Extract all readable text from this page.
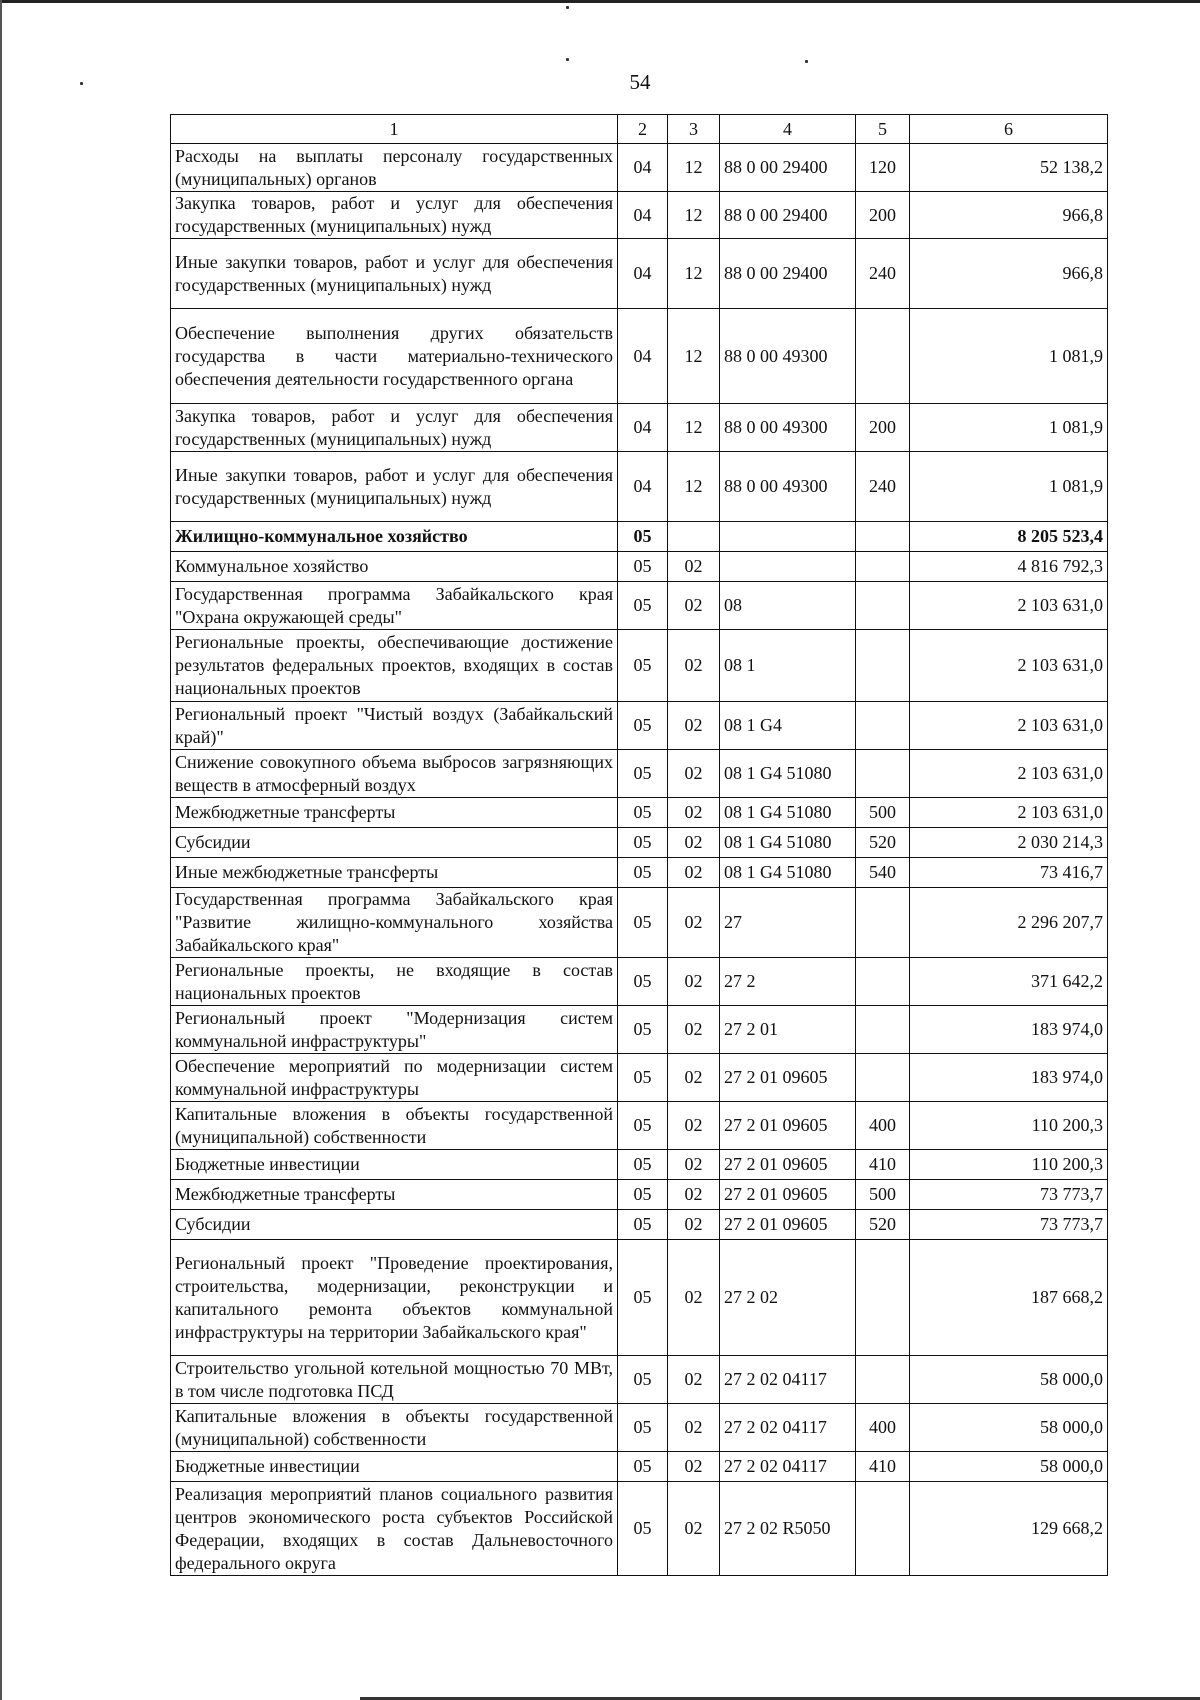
54
1	2	3	4	5	6
Расходы на выплаты персоналу государственных (муниципальных) органов	04	12	88 0 00 29400	120	52 138,2
Закупка товаров, работ и услуг для обеспечения государственных (муниципальных) нужд	04	12	88 0 00 29400	200	966,8
Иные закупки товаров, работ и услуг для обеспечения государственных (муниципальных) нужд	04	12	88 0 00 29400	240	966,8
Обеспечение выполнения других обязательств государства в части материально-технического обеспечения деятельности государственного органа	04	12	88 0 00 49300		1 081,9
Закупка товаров, работ и услуг для обеспечения государственных (муниципальных) нужд	04	12	88 0 00 49300	200	1 081,9
Иные закупки товаров, работ и услуг для обеспечения государственных (муниципальных) нужд	04	12	88 0 00 49300	240	1 081,9
Жилищно-коммунальное хозяйство	05				8 205 523,4
Коммунальное хозяйство	05	02			4 816 792,3
Государственная программа Забайкальского края "Охрана окружающей среды"	05	02	08		2 103 631,0
Региональные проекты, обеспечивающие достижение результатов федеральных проектов, входящих в состав национальных проектов	05	02	08 1		2 103 631,0
Региональный проект "Чистый воздух (Забайкальский край)"	05	02	08 1 G4		2 103 631,0
Снижение совокупного объема выбросов загрязняющих веществ в атмосферный воздух	05	02	08 1 G4 51080		2 103 631,0
Межбюджетные трансферты	05	02	08 1 G4 51080	500	2 103 631,0
Субсидии	05	02	08 1 G4 51080	520	2 030 214,3
Иные межбюджетные трансферты	05	02	08 1 G4 51080	540	73 416,7
Государственная программа Забайкальского края "Развитие жилищно-коммунального хозяйства Забайкальского края"	05	02	27		2 296 207,7
Региональные проекты, не входящие в состав национальных проектов	05	02	27 2		371 642,2
Региональный проект "Модернизация систем коммунальной инфраструктуры"	05	02	27 2 01		183 974,0
Обеспечение мероприятий по модернизации систем коммунальной инфраструктуры	05	02	27 2 01 09605		183 974,0
Капитальные вложения в объекты государственной (муниципальной) собственности	05	02	27 2 01 09605	400	110 200,3
Бюджетные инвестиции	05	02	27 2 01 09605	410	110 200,3
Межбюджетные трансферты	05	02	27 2 01 09605	500	73 773,7
Субсидии	05	02	27 2 01 09605	520	73 773,7
Региональный проект "Проведение проектирования, строительства, модернизации, реконструкции и капитального ремонта объектов коммунальной инфраструктуры на территории Забайкальского края"	05	02	27 2 02		187 668,2
Строительство угольной котельной мощностью 70 МВт, в том числе подготовка ПСД	05	02	27 2 02 04117		58 000,0
Капитальные вложения в объекты государственной (муниципальной) собственности	05	02	27 2 02 04117	400	58 000,0
Бюджетные инвестиции	05	02	27 2 02 04117	410	58 000,0
Реализация мероприятий планов социального развития центров экономического роста субъектов Российской Федерации, входящих в состав Дальневосточного федерального округа	05	02	27 2 02 R5050		129 668,2
